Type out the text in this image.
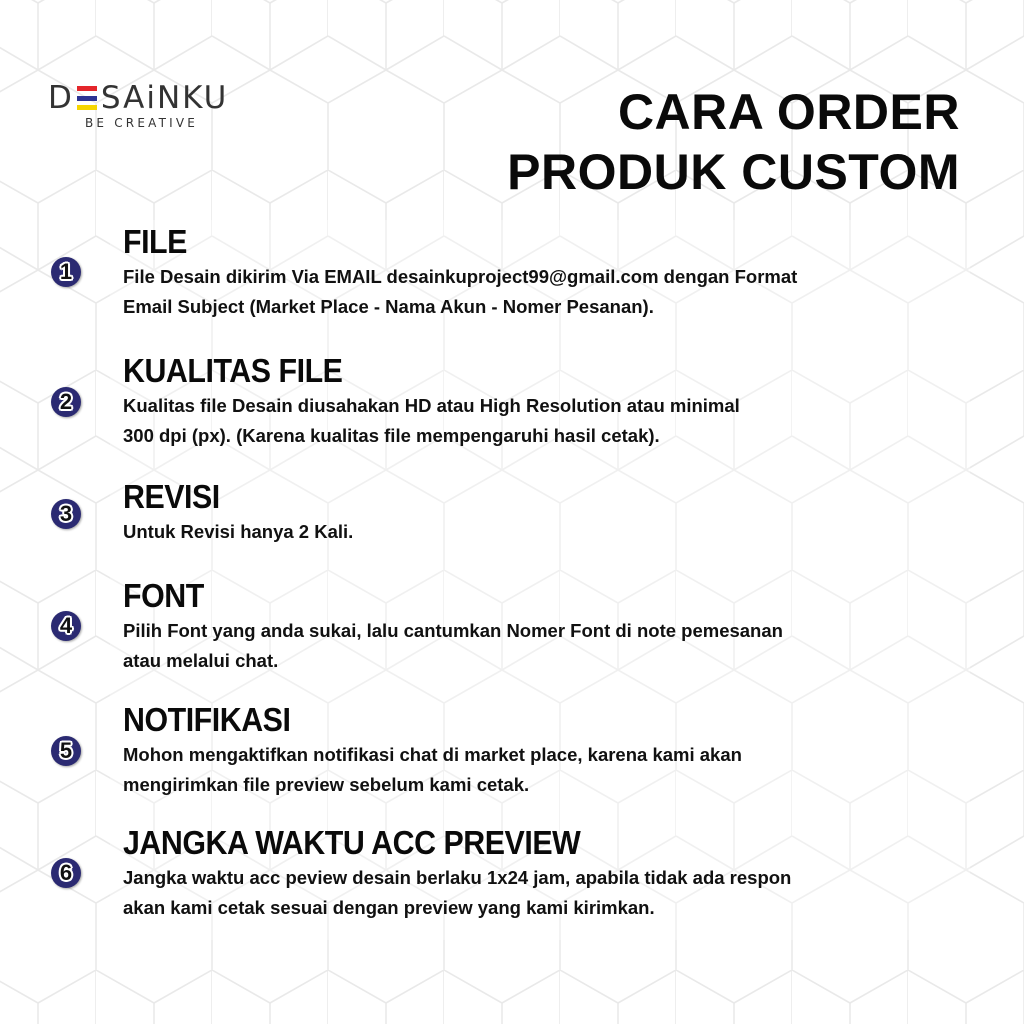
D SAiNKU
BE CREATIVE	CARA ORDER
PRODUK CUSTOM
1
FILE

File Desain dikirim Via EMAIL desainkuproject99@gmail.com dengan Format
Email Subject (Market Place - Nama Akun - Nomer Pesanan).

2
KUALITAS FILE

Kualitas file Desain diusahakan HD atau High Resolution atau minimal
300 dpi (px). (Karena kualitas file mempengaruhi hasil cetak).

3 REVISI

Untuk Revisi hanya 2 Kali.

4
FONT

Pilih Font yang anda sukai, lalu cantumkan Nomer Font di note pemesanan
atau melalui chat.

5
NOTIFIKASI

Mohon mengaktifkan notifikasi chat di market place, karena kami akan
mengirimkan file preview sebelum kami cetak.

6
JANGKA WAKTU ACC PREVIEW

Jangka waktu acc peview desain berlaku 1x24 jam, apabila tidak ada respon
akan kami cetak sesuai dengan preview yang kami kirimkan.
